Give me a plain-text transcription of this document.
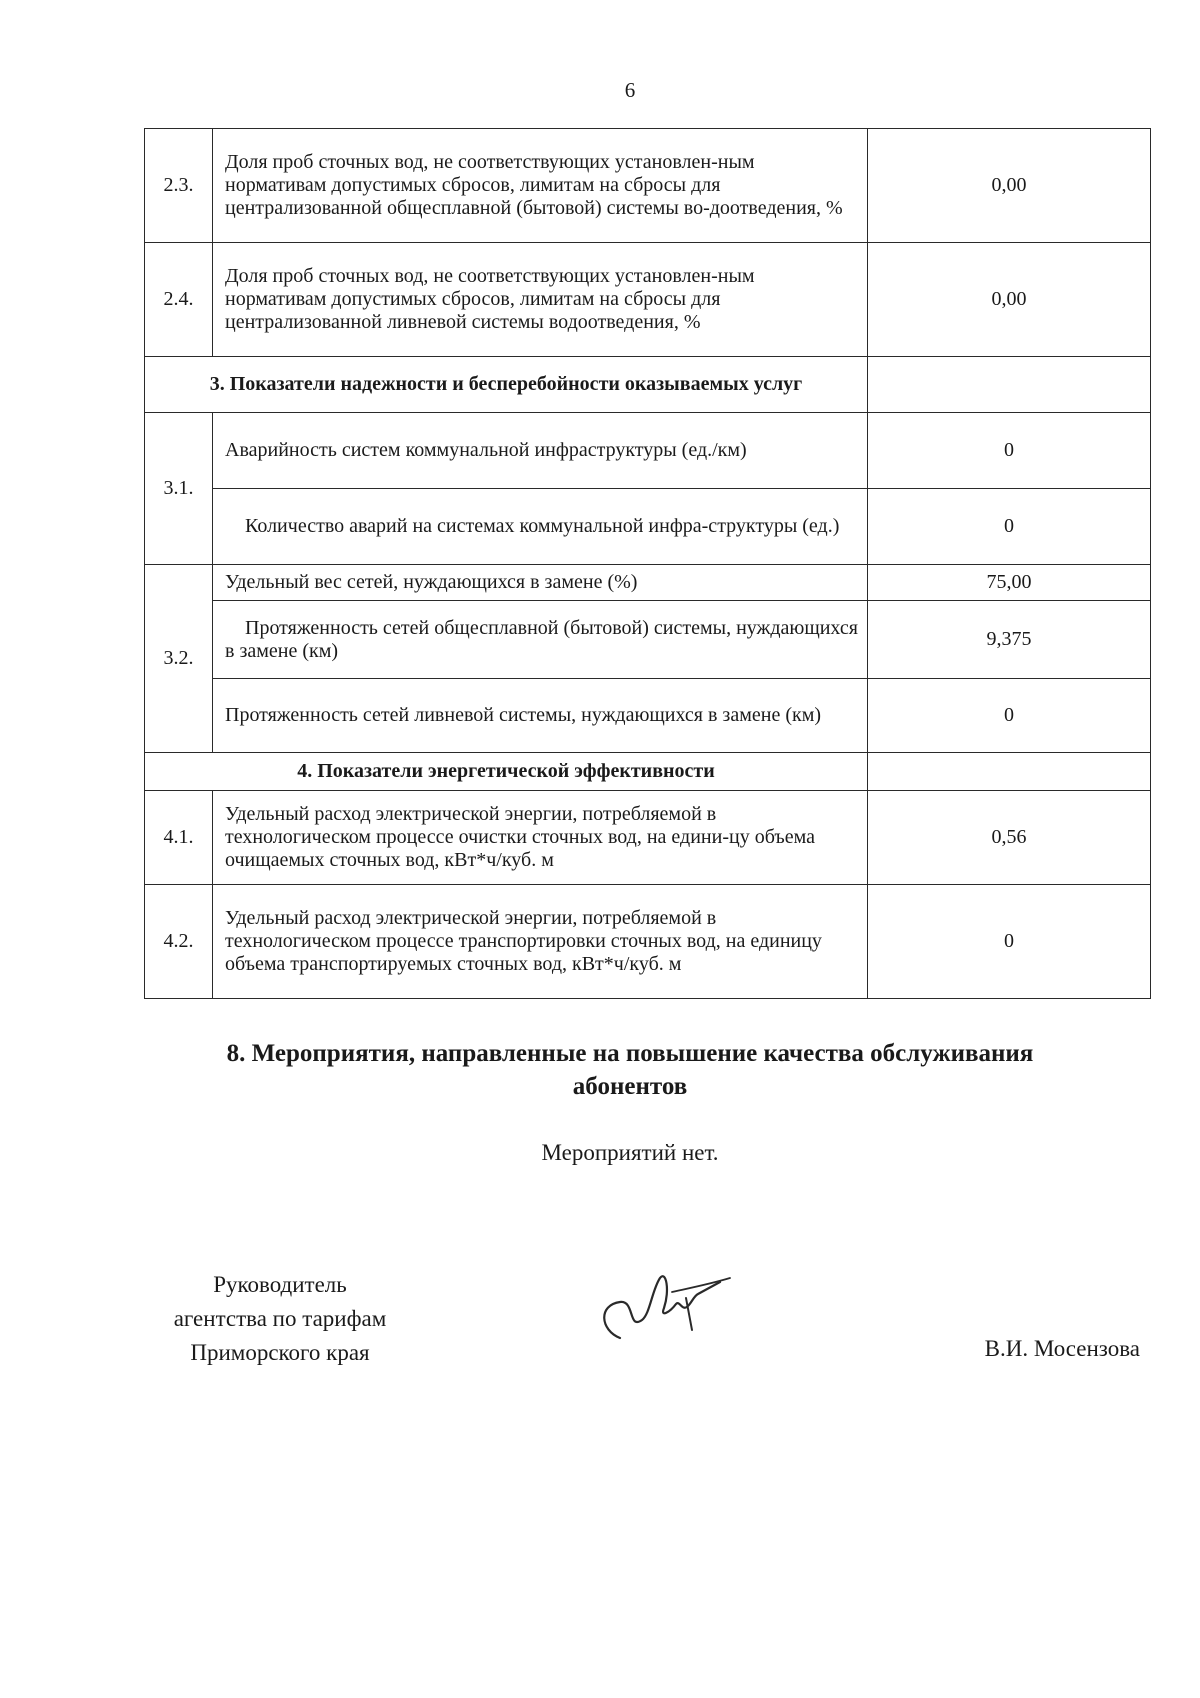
6
2.3.	Доля проб сточных вод, не соответствующих установлен-ным нормативам допустимых сбросов, лимитам на сбросы для централизованной общесплавной (бытовой) системы во-доотведения, %	0,00
2.4.	Доля проб сточных вод, не соответствующих установлен-ным нормативам допустимых сбросов, лимитам на сбросы для централизованной ливневой системы водоотведения, %	0,00
3. Показатели надежности и бесперебойности оказываемых услуг		
3.1.	Аварийность систем коммунальной инфраструктуры (ед./км)	0
	Количество аварий на системах коммунальной инфра-структуры (ед.)	0
3.2.	Удельный вес сетей, нуждающихся в замене (%)	75,00
	Протяженность сетей общесплавной (бытовой) системы, нуждающихся в замене (км)	9,375
	Протяженность сетей ливневой системы, нуждающихся в замене (км)	0
4. Показатели энергетической эффективности		
4.1.	Удельный расход электрической энергии, потребляемой в технологическом процессе очистки сточных вод, на едини-цу объема очищаемых сточных вод, кВт*ч/куб. м	0,56
4.2.	Удельный расход электрической энергии, потребляемой в технологическом процессе транспортировки сточных вод, на единицу объема транспортируемых сточных вод, кВт*ч/куб. м	0
8. Мероприятия, направленные на повышение качества обслуживания абонентов
Мероприятий нет.
Руководитель
агентства по тарифам
Приморского края	В.И. Мосензова
